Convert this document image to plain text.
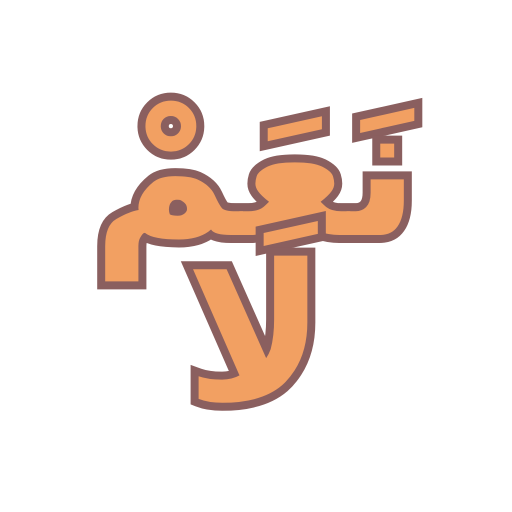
نَعَمْ
لَا
